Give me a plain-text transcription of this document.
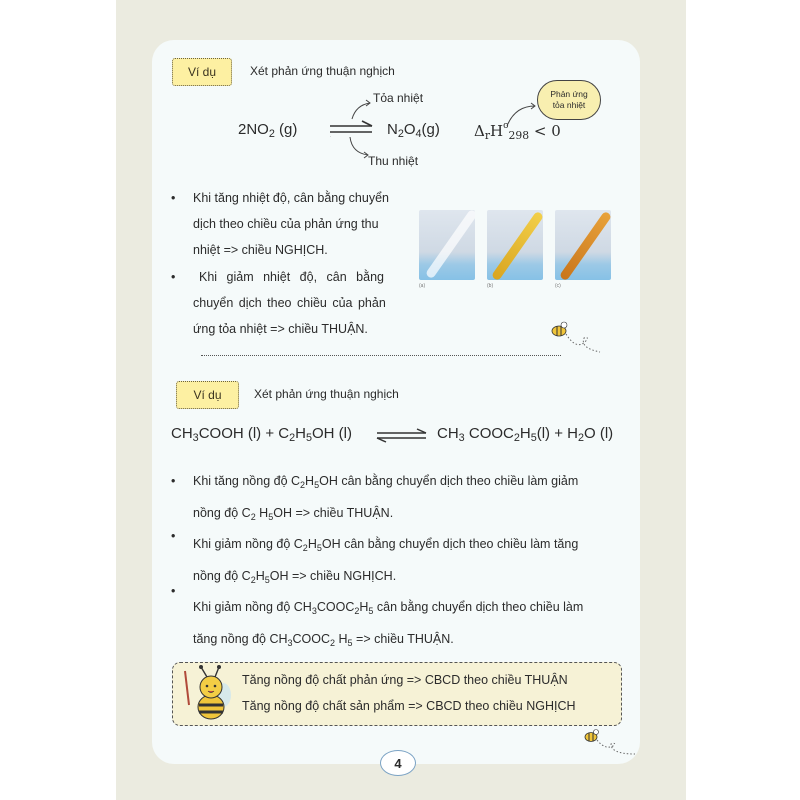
Ví dụ	Xét phản ứng thuận nghịch
Tỏa nhiệt
Thu nhiệt
$2NO_2$ (g)	$N_2O_4(g) \Delta_rH^o_{298} < 0$
Phản ứng
tỏa nhiệt
• Khi tăng nhiệt độ, cân bằng chuyển
dịch theo chiều của phản ứng thu
nhiệt => chiều NGHỊCH.
•	Khi giảm nhiệt độ, cân bằng
chuyển dịch theo chiều của phản
ứng tỏa nhiệt => chiều THUẬN.
(a)	(b)	(c)
Ví dụ	Xét phản ứng thuận nghịch
$CH_3COOH$ $(l) + C_2H_5OH$ (l) ⇌ $CH_3$ $COOC_2H_5(l) + H_2O$ (l)
• Khi tăng nồng độ $C_2H_5OH$ cân bằng chuyển dịch theo chiều làm giảm
nồng độ $C_2$ $H_5OH$ => chiều THUẬN.
•
Khi giảm nồng độ $C_2H_5OH$ cân bằng chuyển dịch theo chiều làm tăng
nồng độ $C_2H_5OH$ => chiều NGHỊCH.
•
Khi giảm nồng độ $CH_3COOC_2H_5$ cân bằng chuyển dịch theo chiều làm
tăng nồng độ $CH_3COOC_2$ $H_5$ => chiều THUẬN.
Tăng nồng độ chất phản ứng => CBCD theo chiều THUẬN
Tăng nồng độ chất sản phẩm => CBCD theo chiều NGHỊCH
4
